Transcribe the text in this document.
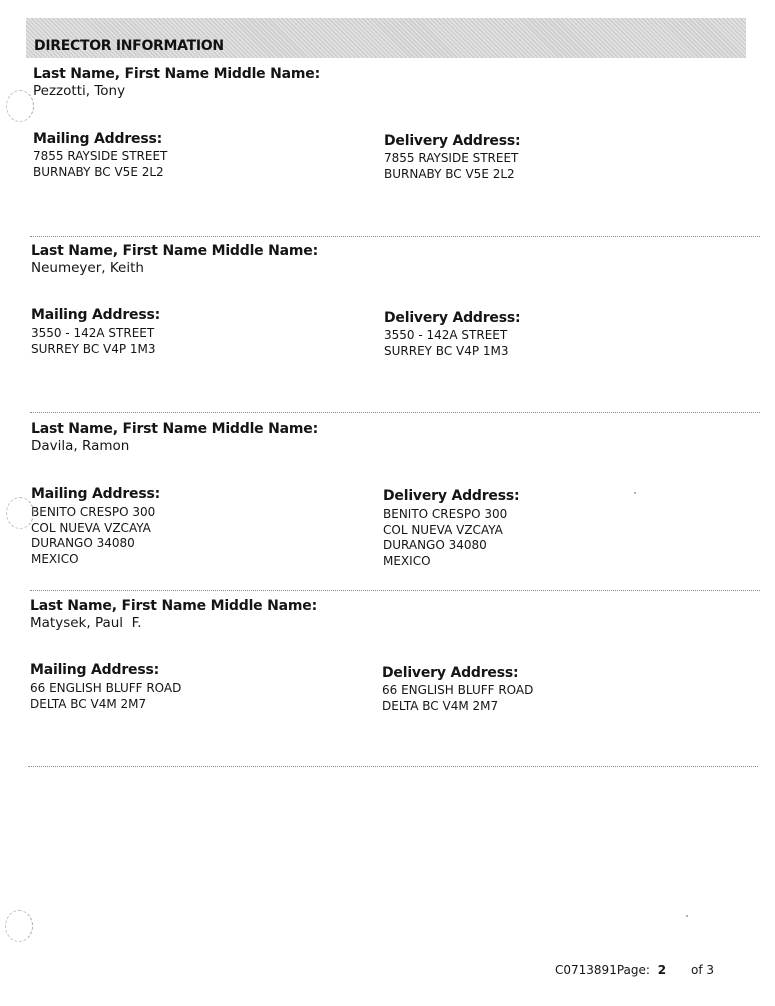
DIRECTOR INFORMATION
Last Name, First Name Middle Name:
Pezzotti, Tony
Mailing Address:
7855 RAYSIDE STREET
BURNABY BC V5E 2L2
Delivery Address:
7855 RAYSIDE STREET
BURNABY BC V5E 2L2
Last Name, First Name Middle Name:
Neumeyer, Keith
Mailing Address:
3550 - 142A STREET
SURREY BC V4P 1M3
Delivery Address:
3550 - 142A STREET
SURREY BC V4P 1M3
Last Name, First Name Middle Name:
Davila, Ramon
Mailing Address:
BENITO CRESPO 300
COL NUEVA VZCAYA
DURANGO 34080
MEXICO
Delivery Address:
BENITO CRESPO 300
COL NUEVA VZCAYA
DURANGO 34080
MEXICO
Last Name, First Name Middle Name:
Matysek, Paul  F.
Mailing Address:
66 ENGLISH BLUFF ROAD
DELTA BC V4M 2M7
Delivery Address:
66 ENGLISH BLUFF ROAD
DELTA BC V4M 2M7
C0713891Page: 2 of 3
